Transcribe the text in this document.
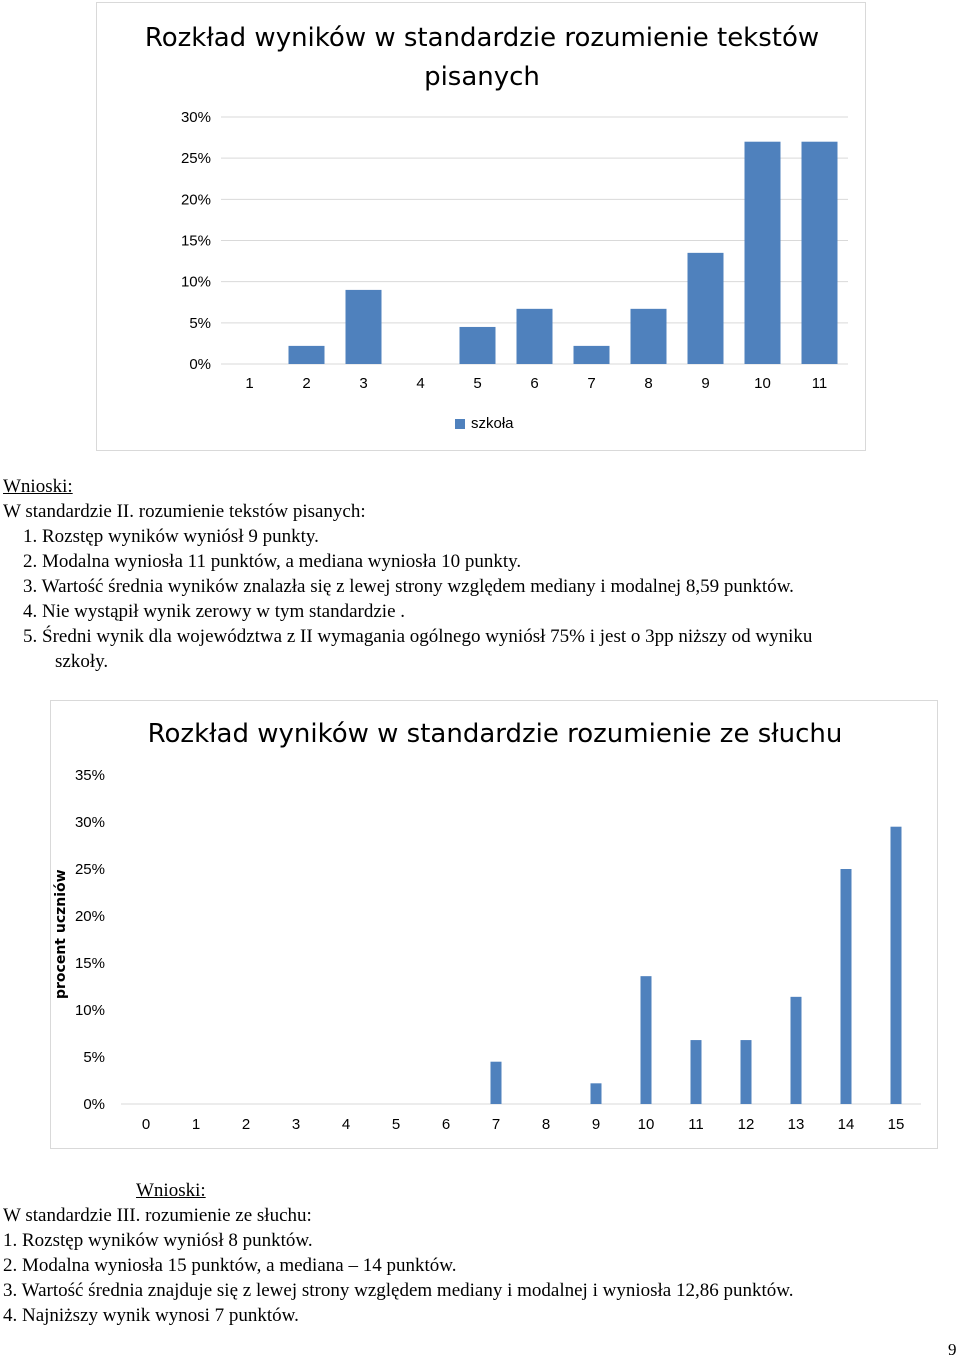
0%
5%
10%
15%
20%
25%
30%
1	2	3	4	5	6	7	8	9	10	11
Rozkład wyników w standardzie rozumienie tekstów pisanych
szkoła

Wnioski:

W standardzie II. rozumienie tekstów pisanych:

1. Rozstęp wyników wyniósł 9 punkty.

2. Modalna wyniosła 11 punktów, a mediana wyniosła 10 punkty.

3. Wartość średnia wyników znalazła się z lewej strony względem mediany i modalnej 8,59 punktów.

4. Nie wystąpił wynik zerowy w tym standardzie .

5. Średni wynik dla województwa z II wymagania ogólnego wyniósł 75% i jest o 3pp niższy od wyniku

szkoły.

0%
5%
10%
15%
20%
25%
30%
35%
0	1	2	3	4	5	6	7	8	9 10 11 12 13 14 15
Rozkład wyników w standardzie rozumienie ze słuchu
procent uczniów

Wnioski:

W standardzie III. rozumienie ze słuchu:

1. Rozstęp wyników wyniósł 8 punktów.

2. Modalna wyniosła 15 punktów, a mediana – 14 punktów.

3. Wartość średnia znajduje się z lewej strony względem mediany i modalnej i wyniosła 12,86 punktów.

4. Najniższy wynik wynosi 7 punktów.

9
